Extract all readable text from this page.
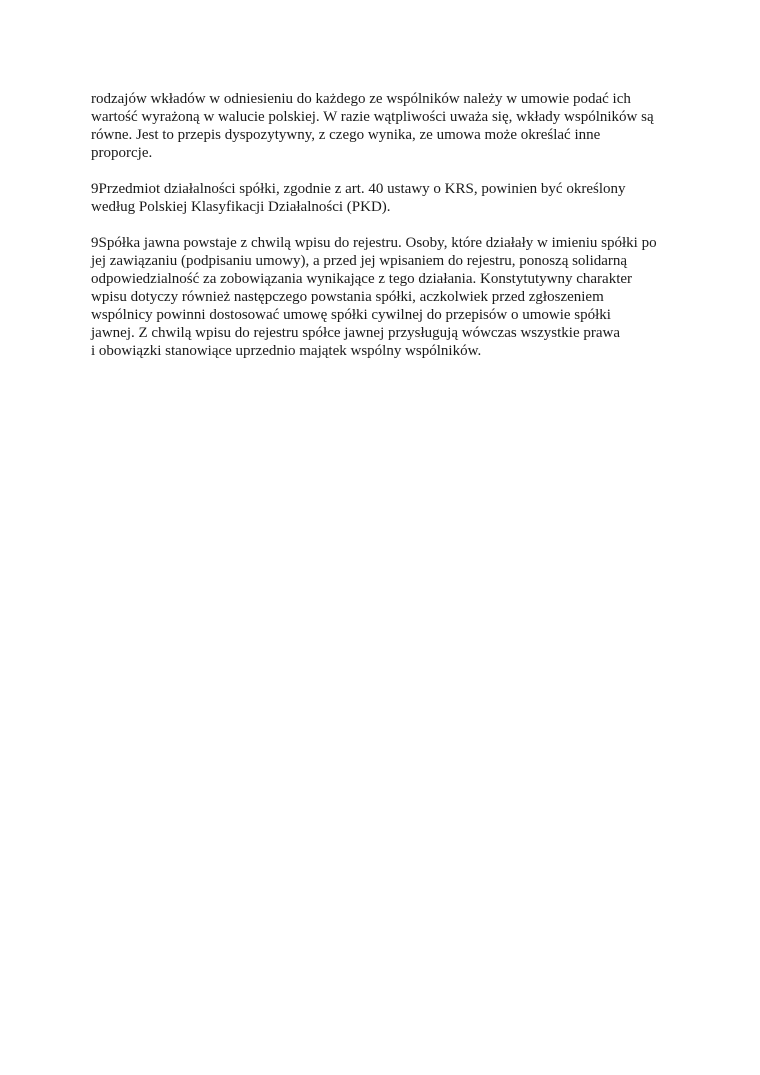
rodzajów wkładów w odniesieniu do każdego ze wspólników należy w umowie podać ich
wartość wyrażoną w walucie polskiej. W razie wątpliwości uważa się, wkłady wspólników są
równe. Jest to przepis dyspozytywny, z czego wynika, ze umowa może określać inne
proporcje.

9Przedmiot działalności spółki, zgodnie z art. 40 ustawy o KRS, powinien być określony
według Polskiej Klasyfikacji Działalności (PKD).

9Spółka jawna powstaje z chwilą wpisu do rejestru. Osoby, które działały w imieniu spółki po
jej zawiązaniu (podpisaniu umowy), a przed jej wpisaniem do rejestru, ponoszą solidarną
odpowiedzialność za zobowiązania wynikające z tego działania. Konstytutywny charakter
wpisu dotyczy również następczego powstania spółki, aczkolwiek przed zgłoszeniem
wspólnicy powinni dostosować umowę spółki cywilnej do przepisów o umowie spółki
jawnej. Z chwilą wpisu do rejestru spółce jawnej przysługują wówczas wszystkie prawa
i obowiązki stanowiące uprzednio majątek wspólny wspólników.
